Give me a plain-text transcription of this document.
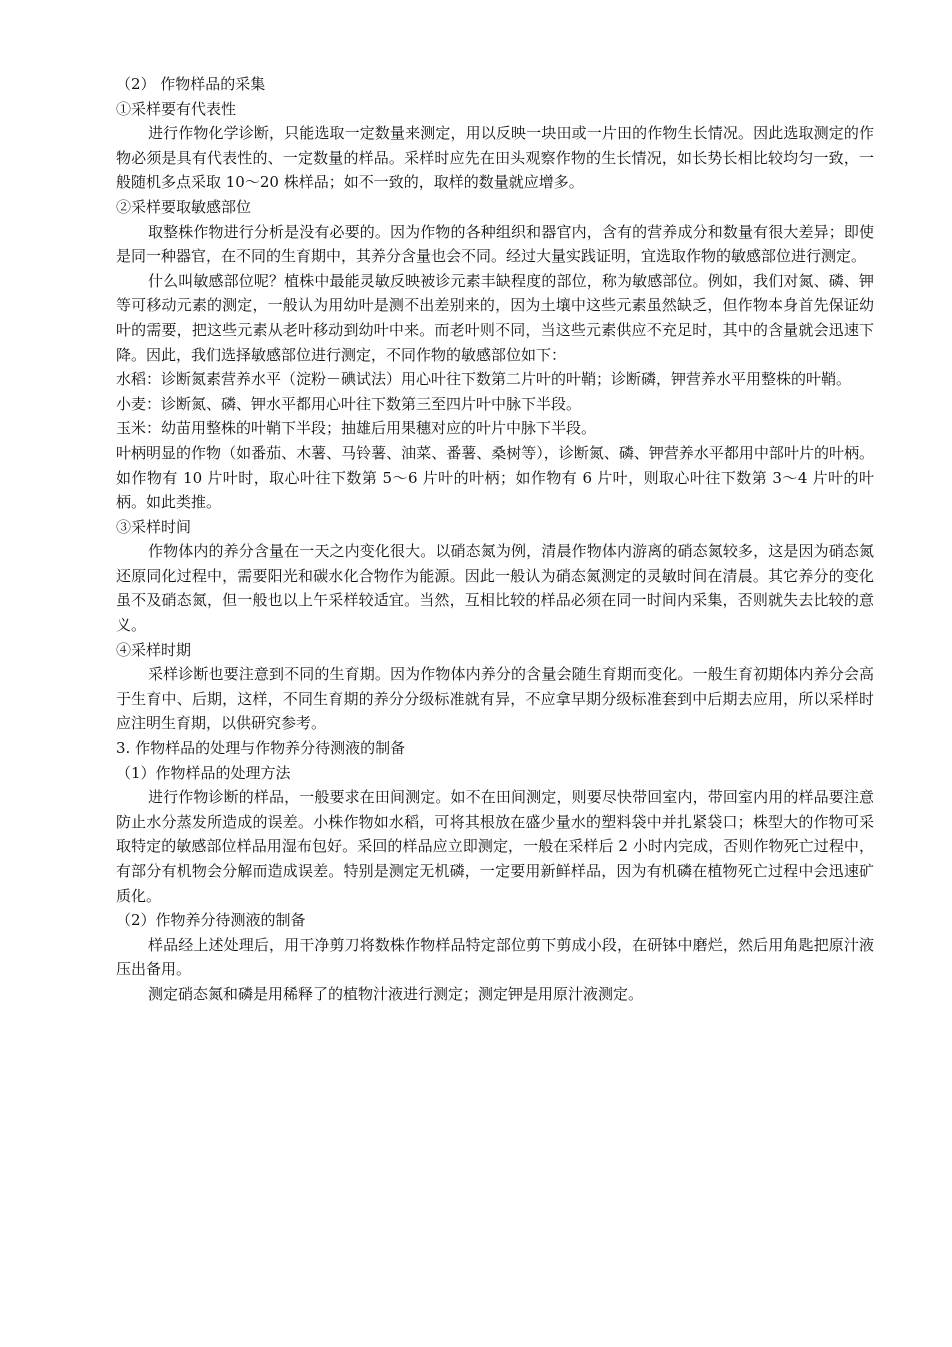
（2） 作物样品的采集

①采样要有代表性

进行作物化学诊断，只能选取一定数量来测定，用以反映一块田或一片田的作物生长情况。因此选取测定的作物必须是具有代表性的、一定数量的样品。采样时应先在田头观察作物的生长情况，如长势长相比较均匀一致，一般随机多点采取 10～20 株样品；如不一致的，取样的数量就应增多。

②采样要取敏感部位

取整株作物进行分析是没有必要的。因为作物的各种组织和器官内，含有的营养成分和数量有很大差异；即使是同一种器官，在不同的生育期中，其养分含量也会不同。经过大量实践证明，宜选取作物的敏感部位进行测定。

什么叫敏感部位呢？植株中最能灵敏反映被诊元素丰缺程度的部位，称为敏感部位。例如，我们对氮、磷、钾等可移动元素的测定，一般认为用幼叶是测不出差别来的，因为土壤中这些元素虽然缺乏，但作物本身首先保证幼叶的需要，把这些元素从老叶移动到幼叶中来。而老叶则不同，当这些元素供应不充足时，其中的含量就会迅速下降。因此，我们选择敏感部位进行测定，不同作物的敏感部位如下：

水稻：诊断氮素营养水平（淀粉－碘试法）用心叶往下数第二片叶的叶鞘；诊断磷，钾营养水平用整株的叶鞘。

小麦：诊断氮、磷、钾水平都用心叶往下数第三至四片叶中脉下半段。

玉米：幼苗用整株的叶鞘下半段；抽雄后用果穗对应的叶片中脉下半段。

叶柄明显的作物（如番茄、木薯、马铃薯、油菜、番薯、桑树等），诊断氮、磷、钾营养水平都用中部叶片的叶柄。如作物有 10 片叶时，取心叶往下数第 5～6 片叶的叶柄；如作物有 6 片叶，则取心叶往下数第 3～4 片叶的叶柄。如此类推。

③采样时间

作物体内的养分含量在一天之内变化很大。以硝态氮为例，清晨作物体内游离的硝态氮较多，这是因为硝态氮还原同化过程中，需要阳光和碳水化合物作为能源。因此一般认为硝态氮测定的灵敏时间在清晨。其它养分的变化虽不及硝态氮，但一般也以上午采样较适宜。当然，互相比较的样品必须在同一时间内采集，否则就失去比较的意义。

④采样时期

采样诊断也要注意到不同的生育期。因为作物体内养分的含量会随生育期而变化。一般生育初期体内养分会高于生育中、后期，这样，不同生育期的养分分级标准就有异，不应拿早期分级标准套到中后期去应用，所以采样时应注明生育期，以供研究参考。

3. 作物样品的处理与作物养分待测液的制备

（1）作物样品的处理方法

进行作物诊断的样品，一般要求在田间测定。如不在田间测定，则要尽快带回室内，带回室内用的样品要注意防止水分蒸发所造成的误差。小株作物如水稻，可将其根放在盛少量水的塑料袋中并扎紧袋口；株型大的作物可采取特定的敏感部位样品用湿布包好。采回的样品应立即测定，一般在采样后 2 小时内完成，否则作物死亡过程中，有部分有机物会分解而造成误差。特别是测定无机磷，一定要用新鲜样品，因为有机磷在植物死亡过程中会迅速矿质化。

（2）作物养分待测液的制备

样品经上述处理后，用干净剪刀将数株作物样品特定部位剪下剪成小段，在研钵中磨烂，然后用角匙把原汁液压出备用。

测定硝态氮和磷是用稀释了的植物汁液进行测定；测定钾是用原汁液测定。
